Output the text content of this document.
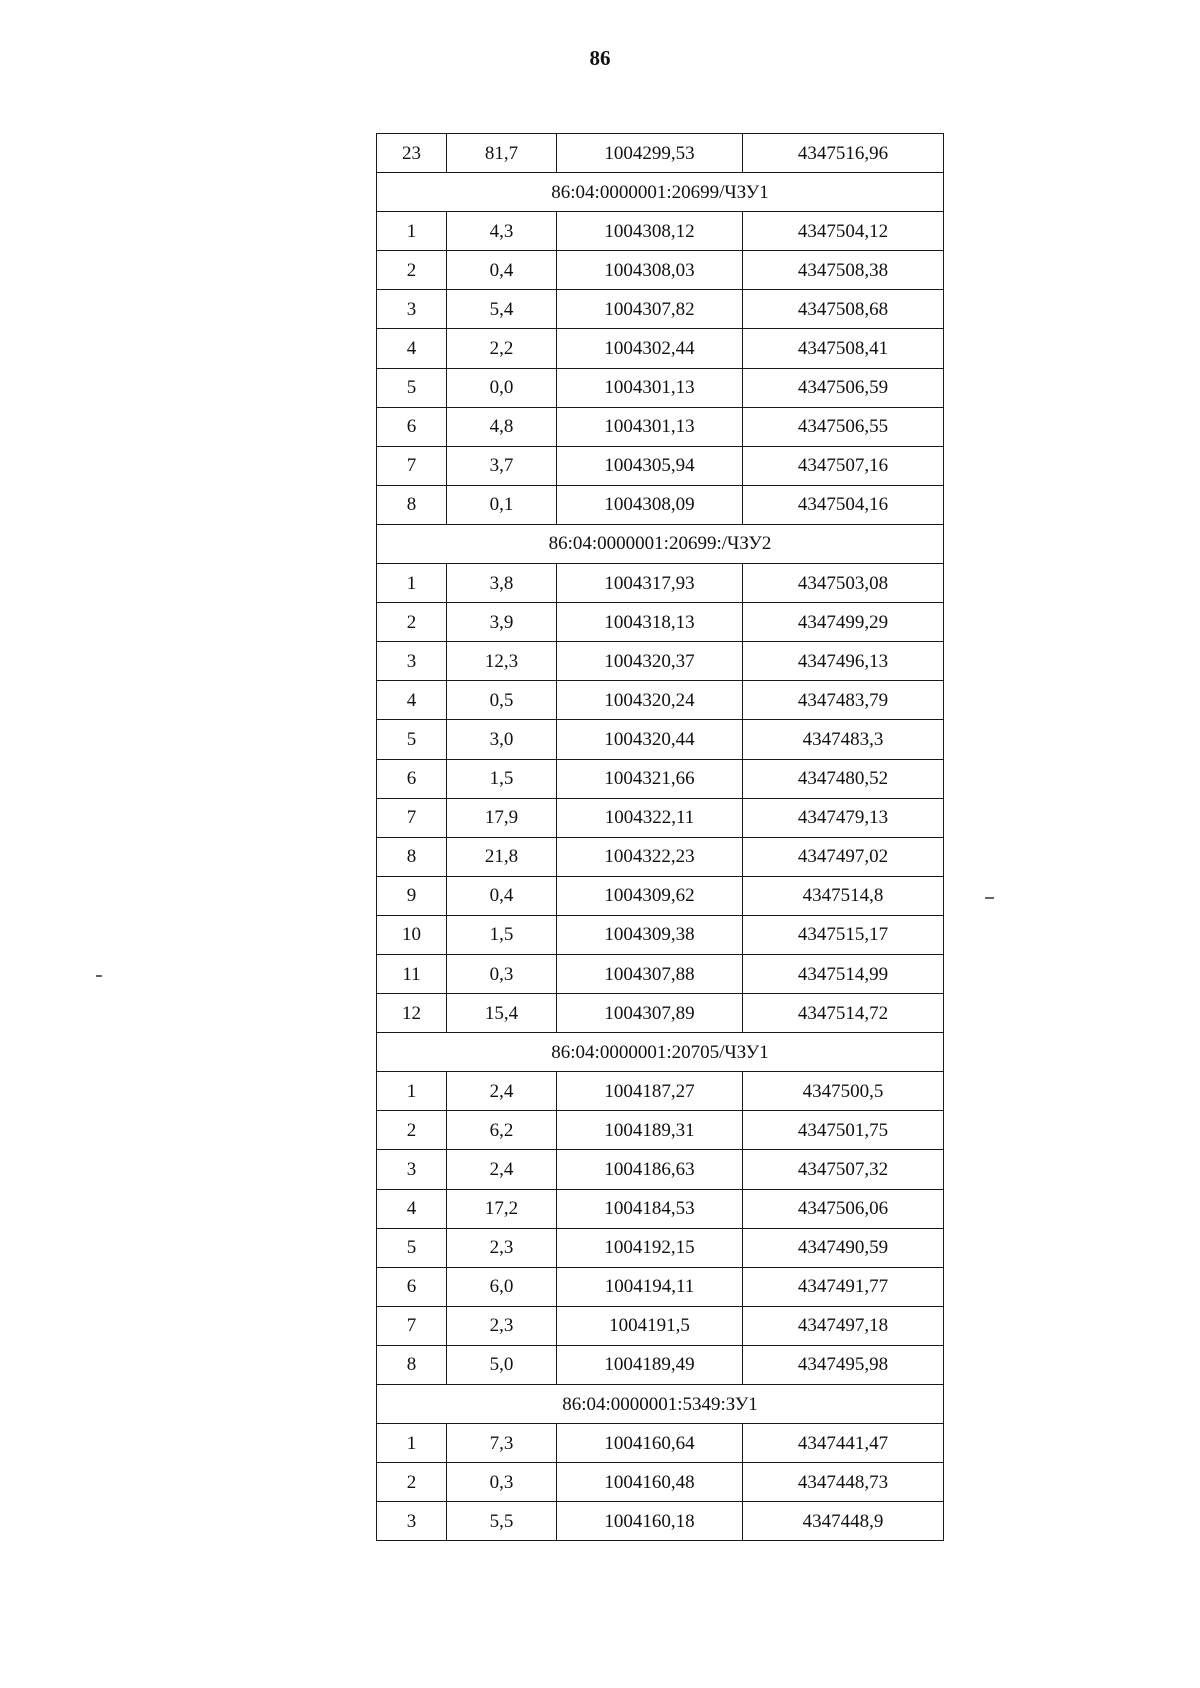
86
23	81,7	1004299,53	4347516,96
86:04:0000001:20699/ЧЗУ1			
1	4,3	1004308,12	4347504,12
2	0,4	1004308,03	4347508,38
3	5,4	1004307,82	4347508,68
4	2,2	1004302,44	4347508,41
5	0,0	1004301,13	4347506,59
6	4,8	1004301,13	4347506,55
7	3,7	1004305,94	4347507,16
8	0,1	1004308,09	4347504,16
86:04:0000001:20699:/ЧЗУ2			
1	3,8	1004317,93	4347503,08
2	3,9	1004318,13	4347499,29
3	12,3	1004320,37	4347496,13
4	0,5	1004320,24	4347483,79
5	3,0	1004320,44	4347483,3
6	1,5	1004321,66	4347480,52
7	17,9	1004322,11	4347479,13
8	21,8	1004322,23	4347497,02
9	0,4	1004309,62	4347514,8
10	1,5	1004309,38	4347515,17
11	0,3	1004307,88	4347514,99
12	15,4	1004307,89	4347514,72
86:04:0000001:20705/ЧЗУ1			
1	2,4	1004187,27	4347500,5
2	6,2	1004189,31	4347501,75
3	2,4	1004186,63	4347507,32
4	17,2	1004184,53	4347506,06
5	2,3	1004192,15	4347490,59
6	6,0	1004194,11	4347491,77
7	2,3	1004191,5	4347497,18
8	5,0	1004189,49	4347495,98
86:04:0000001:5349:ЗУ1			
1	7,3	1004160,64	4347441,47
2	0,3	1004160,48	4347448,73
3	5,5	1004160,18	4347448,9
